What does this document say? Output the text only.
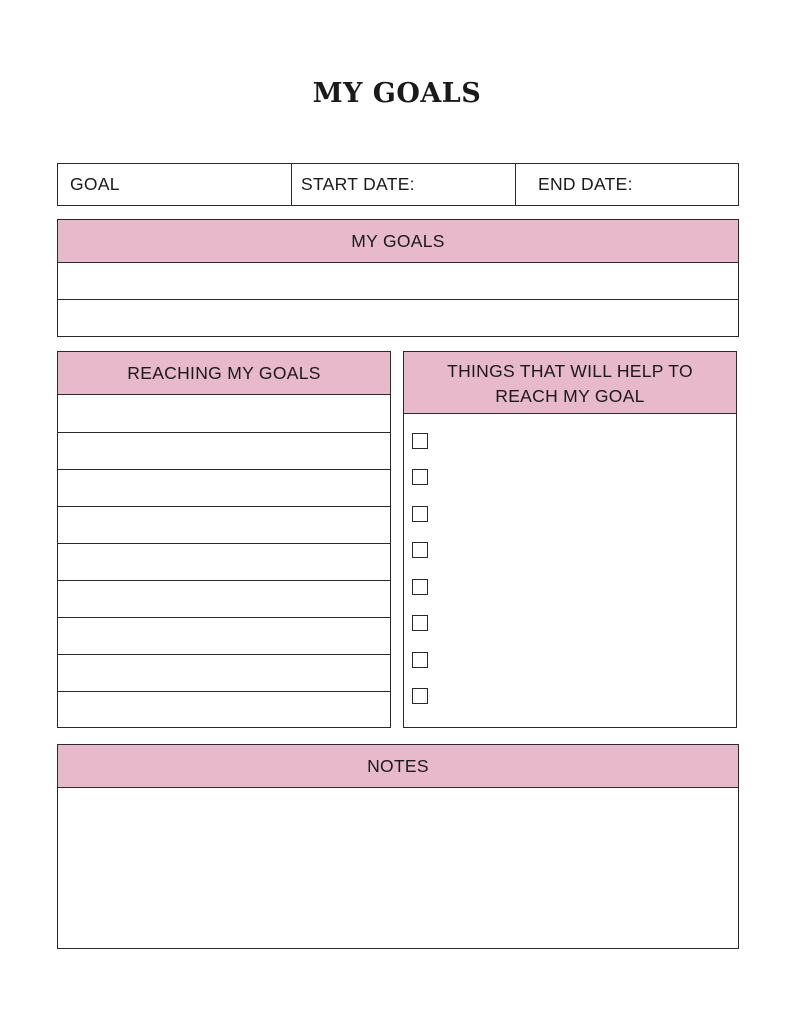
MY GOALS
GOAL	START DATE:	END DATE:
MY GOALS
REACHING MY GOALS	THINGS THAT WILL HELP TO
REACH MY GOAL
NOTES
